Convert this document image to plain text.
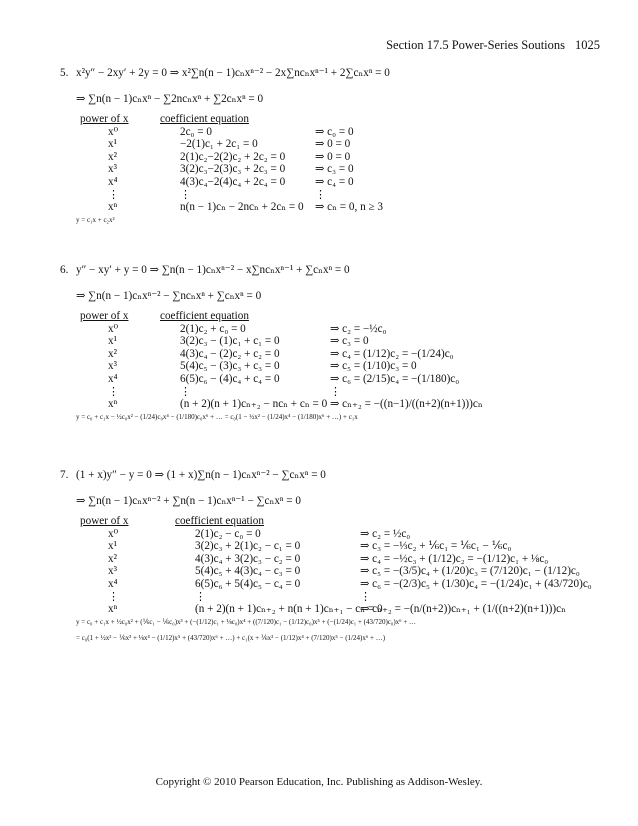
Section 17.5 Power-Series Soutions 1025
5. x²y″ − 2xy′ + 2y = 0 ⇒ x²∑n(n − 1)cₙxⁿ⁻² − 2x∑ncₙxⁿ⁻¹ + 2∑cₙxⁿ = 0
⇒ ∑n(n − 1)cₙxⁿ − ∑2ncₙxⁿ + ∑2cₙxⁿ = 0
power of x	coefficient equation
x⁰	2c₀ = 0	⇒ c₀ = 0
x¹	−2(1)c₁ + 2c₁ = 0	⇒ 0 = 0
x²	2(1)c₂−2(2)c₂ + 2c₂ = 0	⇒ 0 = 0
x³	3(2)c₃−2(3)c₃ + 2c₃ = 0	⇒ c₃ = 0
x⁴	4(3)c₄−2(4)c₄ + 2c₄ = 0	⇒ c₄ = 0
⋮	⋮	⋮
xⁿ	n(n − 1)cₙ − 2ncₙ + 2cₙ = 0 ⇒ cₙ = 0, n ≥ 3
y = c₁x + c₂x²
6. y″ − xy′ + y = 0 ⇒ ∑n(n − 1)cₙxⁿ⁻² − x∑ncₙxⁿ⁻¹ + ∑cₙxⁿ = 0
⇒ ∑n(n − 1)cₙxⁿ⁻² − ∑ncₙxⁿ + ∑cₙxⁿ = 0
power of x	coefficient equation
x⁰	2(1)c₂ + c₀ = 0	⇒ c₂ = −½c₀
x¹	3(2)c₃ − (1)c₁ + c₁ = 0	⇒ c₃ = 0
x²	4(3)c₄ − (2)c₂ + c₂ = 0	⇒ c₄ = (1/12)c₂ = −(1/24)c₀
x³	5(4)c₅ − (3)c₃ + c₃ = 0	⇒ c₅ = (1/10)c₃ = 0
x⁴	6(5)c₆ − (4)c₄ + c₄ = 0	⇒ c₆ = (2/15)c₄ = −(1/180)c₀
⋮	⋮	⋮
xⁿ	(n + 2)(n + 1)cₙ₊₂ − ncₙ + cₙ = 0 ⇒ cₙ₊₂ = −((n−1)/((n+2)(n+1)))cₙ
y = c₀ + c₁x − ½c₀x² − (1/24)c₀x⁴ − (1/180)c₀x⁶ + … = c₀(1 − ½x² − (1/24)x⁴ − (1/180)x⁶ + …) + c₁x
7. (1 + x)y″ − y = 0 ⇒ (1 + x)∑n(n − 1)cₙxⁿ⁻² − ∑cₙxⁿ = 0
⇒ ∑n(n − 1)cₙxⁿ⁻² + ∑n(n − 1)cₙxⁿ⁻¹ − ∑cₙxⁿ = 0
power of x	coefficient equation
x⁰	2(1)c₂ − c₀ = 0	⇒ c₂ = ½c₀
x¹	3(2)c₃ + 2(1)c₂ − c₁ = 0	⇒ c₃ = −⅓c₂ + ⅙c₁ = ⅙c₁ − ⅙c₀
x²	4(3)c₄ + 3(2)c₃ − c₂ = 0	⇒ c₄ = −½c₃ + (1/12)c₂ = −(1/12)c₁ + ⅛c₀
x³	5(4)c₅ + 4(3)c₄ − c₃ = 0	⇒ c₅ = −(3/5)c₄ + (1/20)c₃ = (7/120)c₁ − (1/12)c₀
x⁴	6(5)c₆ + 5(4)c₅ − c₄ = 0	⇒ c₆ = −(2/3)c₅ + (1/30)c₄ = −(1/24)c₁ + (43/720)c₀
⋮	⋮	⋮
xⁿ	(n + 2)(n + 1)cₙ₊₂ + n(n + 1)cₙ₊₁ − cₙ = 0
⇒ cₙ₊₂ = −(n/(n+2))cₙ₊₁ + (1/((n+2)(n+1)))cₙ
y = c₀ + c₁x + ½c₀x² + (⅙c₁ − ⅙c₀)x³ + (−(1/12)c₁ + ⅛c₀)x⁴ + ((7/120)c₁ − (1/12)c₀)x⁵ + (−(1/24)c₁ + (43/720)c₀)x⁶ + …
= c₀(1 + ½x² − ⅙x³ + ⅛x⁴ − (1/12)x⁵ + (43/720)x⁶ + …) + c₁(x + ⅙x³ − (1/12)x⁴ + (7/120)x⁵ − (1/24)x⁶ + …)
Copyright © 2010 Pearson Education, Inc. Publishing as Addison-Wesley.
